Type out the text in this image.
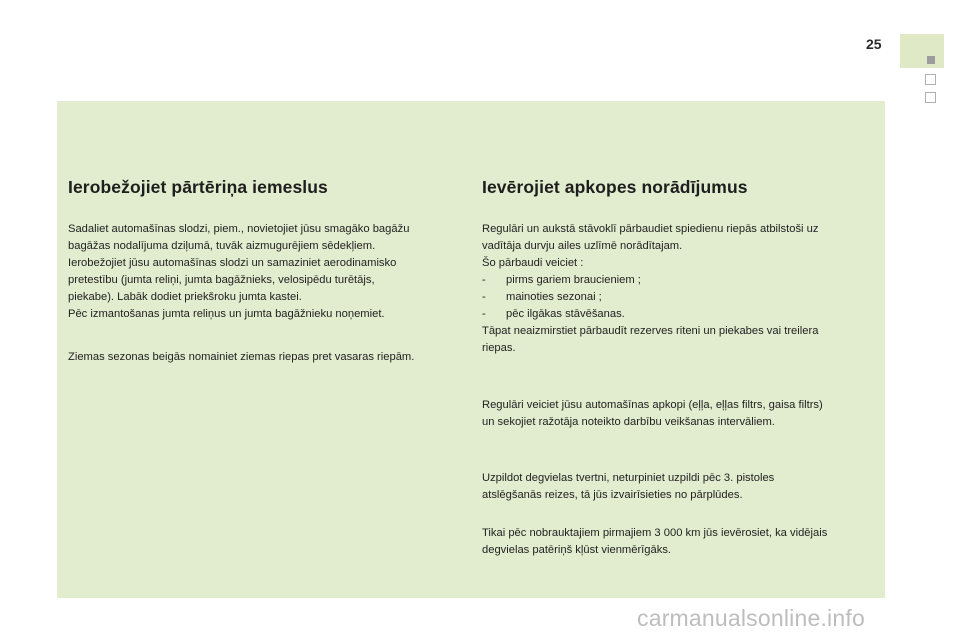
25
Ierobežojiet pārtēriņa iemeslus

Sadaliet automašīnas slodzi, piem., novietojiet jūsu smagāko bagāžu
bagāžas nodalījuma dziļumā, tuvāk aizmugurējiem sēdekļiem.
Ierobežojiet jūsu automašīnas slodzi un samaziniet aerodinamisko
pretestību (jumta reliņi, jumta bagāžnieks, velosipēdu turētājs,
piekabe). Labāk dodiet priekšroku jumta kastei.
Pēc izmantošanas jumta reliņus un jumta bagāžnieku noņemiet.

Ziemas sezonas beigās nomainiet ziemas riepas pret vasaras riepām.

Ievērojiet apkopes norādījumus

Regulāri un aukstā stāvoklī pārbaudiet spiedienu riepās atbilstoši uz
vadītāja durvju ailes uzlīmē norādītajam.
Šo pārbaudi veiciet :

-	pirms gariem braucieniem ;

-	mainoties sezonai ;

-	pēc ilgākas stāvēšanas.

Tāpat neaizmirstiet pārbaudīt rezerves riteni un piekabes vai treilera
riepas.

Regulāri veiciet jūsu automašīnas apkopi (eļļa, eļļas filtrs, gaisa filtrs)
un sekojiet ražotāja noteikto darbību veikšanas intervāliem.

Uzpildot degvielas tvertni, neturpiniet uzpildi pēc 3. pistoles
atslēgšanās reizes, tā jūs izvairīsieties no pārplūdes.

Tikai pēc nobrauktajiem pirmajiem 3 000 km jūs ievērosiet, ka vidējais
degvielas patēriņš kļūst vienmērīgāks.

carmanualsonline.info
